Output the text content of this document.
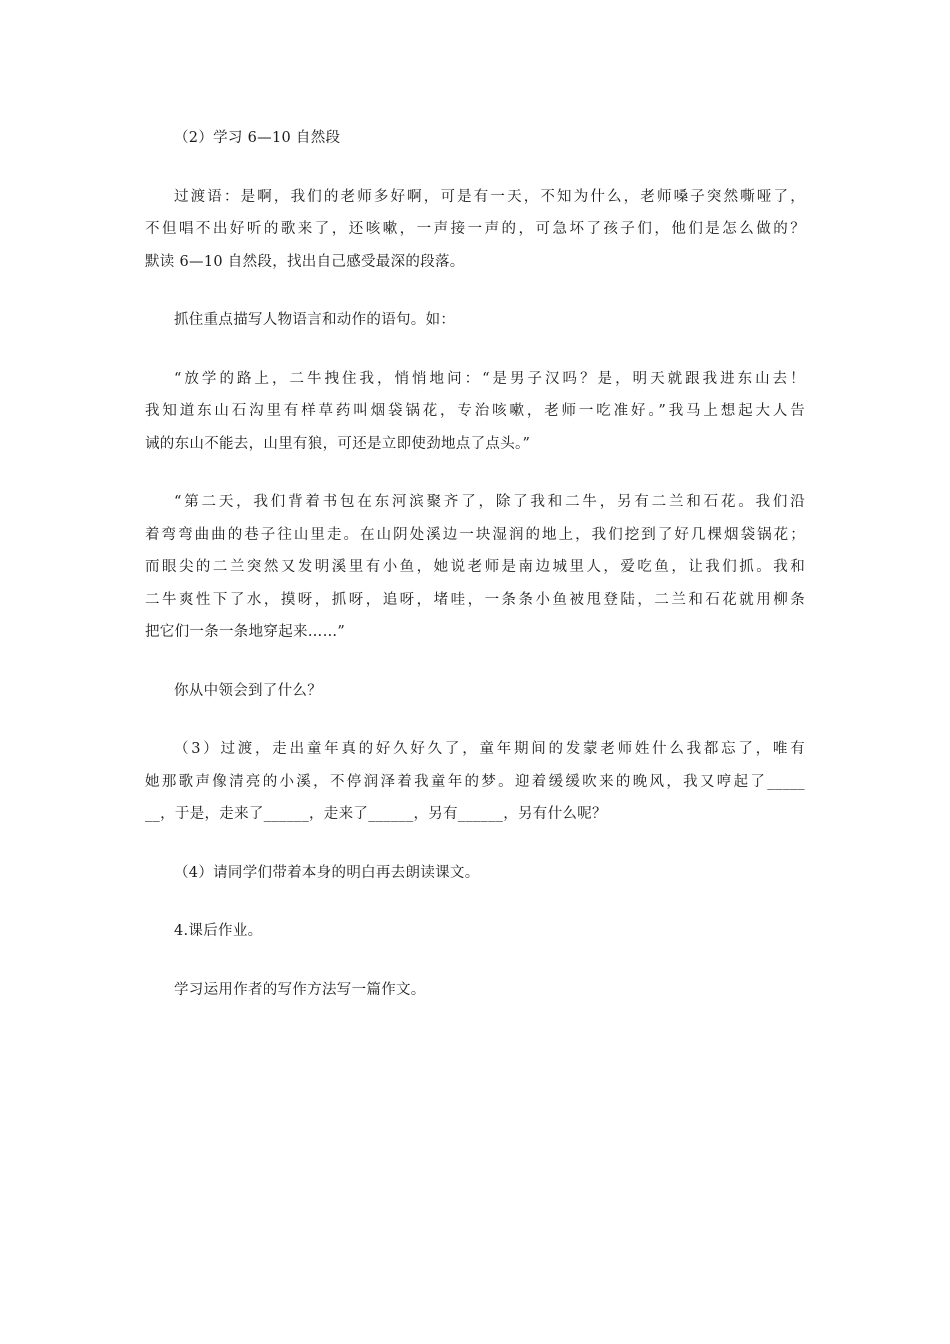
（2）学习 6—10 自然段

过渡语：是啊，我们的老师多好啊，可是有一天，不知为什么，老师嗓子突然嘶哑了，
不但唱不出好听的歌来了，还咳嗽，一声接一声的，可急坏了孩子们，他们是怎么做的？
默读 6—10 自然段，找出自己感受最深的段落。

抓住重点描写人物语言和动作的语句。如：

“放学的路上，二牛拽住我，悄悄地问：“是男子汉吗？是，明天就跟我进东山去！
我知道东山石沟里有样草药叫烟袋锅花，专治咳嗽，老师一吃准好。”我马上想起大人告
诫的东山不能去，山里有狼，可还是立即使劲地点了点头。”

“第二天，我们背着书包在东河滨聚齐了，除了我和二牛，另有二兰和石花。我们沿
着弯弯曲曲的巷子往山里走。在山阴处溪边一块湿润的地上，我们挖到了好几棵烟袋锅花；
而眼尖的二兰突然又发明溪里有小鱼，她说老师是南边城里人，爱吃鱼，让我们抓。我和
二牛爽性下了水，摸呀，抓呀，追呀，堵哇，一条条小鱼被甩登陆，二兰和石花就用柳条
把它们一条一条地穿起来……”

你从中领会到了什么？

（3）过渡，走出童年真的好久好久了，童年期间的发蒙老师姓什么我都忘了，唯有
她那歌声像清亮的小溪，不停润泽着我童年的梦。迎着缓缓吹来的晚风，我又哼起了_____
__，于是，走来了______，走来了______，另有______，另有什么呢？

（4）请同学们带着本身的明白再去朗读课文。

4.课后作业。

学习运用作者的写作方法写一篇作文。
